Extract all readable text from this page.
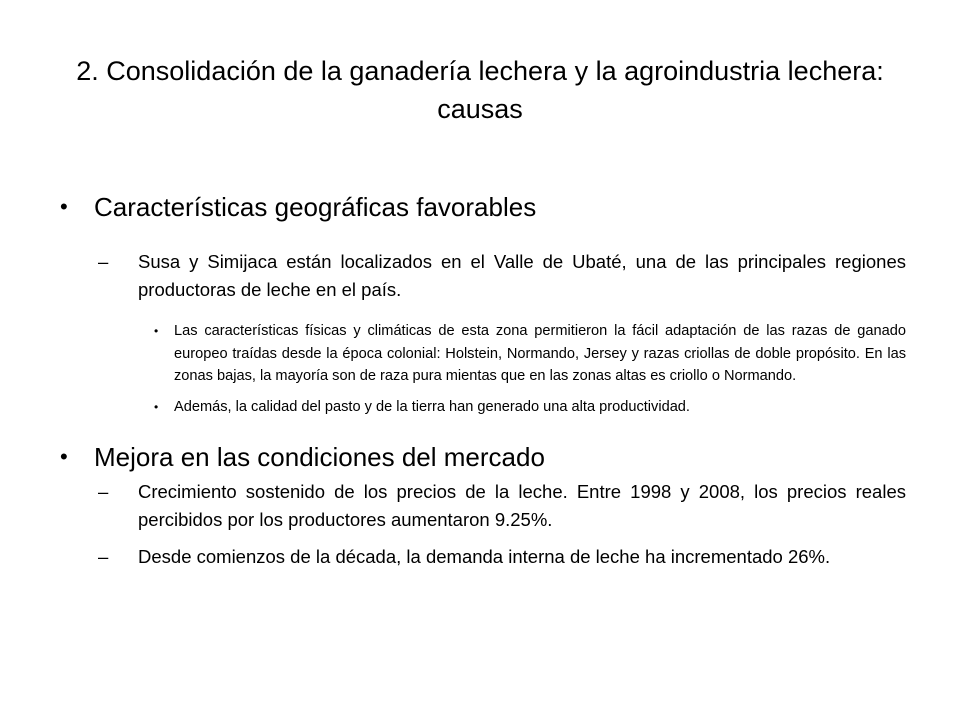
2. Consolidación de la ganadería lechera y la agroindustria lechera: causas

• Características geográficas favorables

– Susa y Simijaca están localizados en el Valle de Ubaté, una de las principales regiones productoras de leche en el país.

• Las características físicas y climáticas de esta zona permitieron la fácil adaptación de las razas de ganado europeo traídas desde la época colonial: Holstein, Normando, Jersey y razas criollas de doble propósito. En las zonas bajas, la mayoría son de raza pura mientas que en las zonas altas es criollo o Normando.

• Además, la calidad del pasto y de la tierra han generado una alta productividad.

• Mejora en las condiciones del mercado

– Crecimiento sostenido de los precios de la leche. Entre 1998 y 2008, los precios reales percibidos por los productores aumentaron 9.25%.

– Desde comienzos de la década, la demanda interna de leche ha incrementado 26%.
